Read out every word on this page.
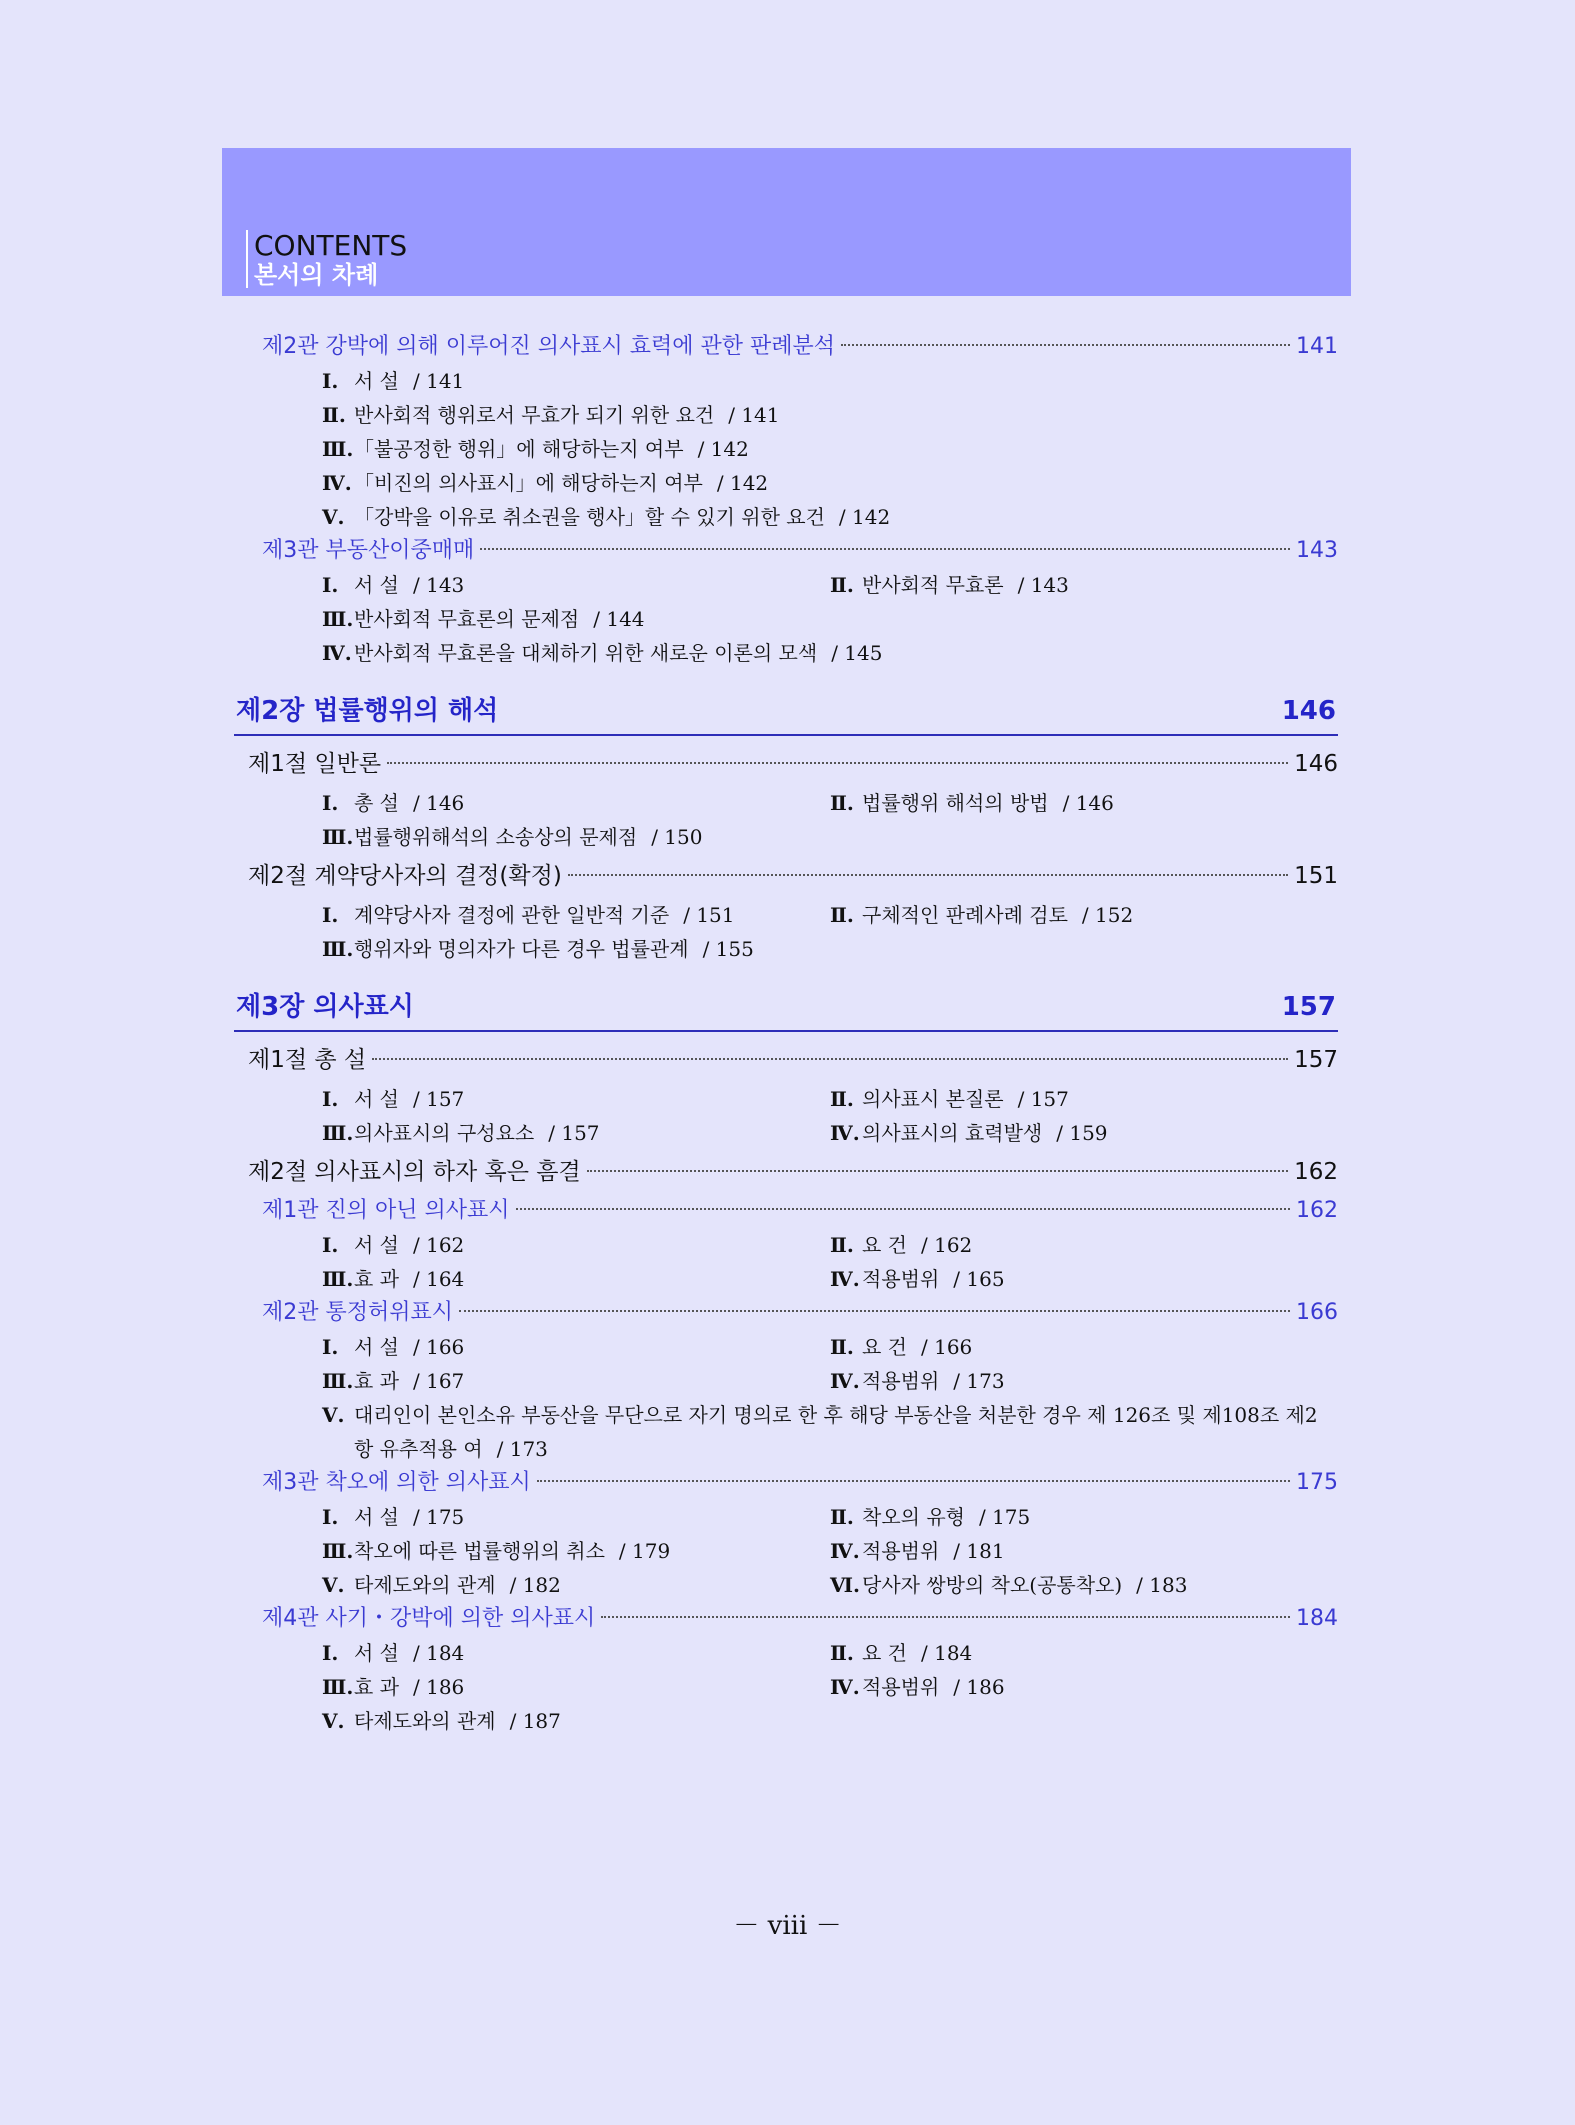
CONTENTS
본서의 차례
제2관 강박에 의해 이루어진 의사표시 효력에 관한 판례분석	141
Ⅰ. 서 설 / 141
Ⅱ. 반사회적 행위로서 무효가 되기 위한 요건 / 141
Ⅲ.「불공정한 행위」에 해당하는지 여부 / 142
Ⅳ. 「비진의 의사표시」에 해당하는지 여부 / 142
Ⅴ. 「강박을 이유로 취소권을 행사」할 수 있기 위한 요건 / 142
제3관 부동산이중매매	143
Ⅰ. 서 설 / 143	Ⅱ. 반사회적 무효론 / 143
Ⅲ.반사회적 무효론의 문제점 / 144
Ⅳ. 반사회적 무효론을 대체하기 위한 새로운 이론의 모색 / 145
제2장 법률행위의 해석	146
제1절 일반론	146
Ⅰ. 총 설 / 146	Ⅱ. 법률행위 해석의 방법 / 146
Ⅲ.법률행위해석의 소송상의 문제점 / 150
제2절 계약당사자의 결정(확정)	151
Ⅰ. 계약당사자 결정에 관한 일반적 기준 / 151	Ⅱ. 구체적인 판례사례 검토 / 152
Ⅲ.행위자와 명의자가 다른 경우 법률관계 / 155
제3장 의사표시	157
제1절 총 설	157
Ⅰ. 서 설 / 157	Ⅱ. 의사표시 본질론 / 157
Ⅲ.의사표시의 구성요소 / 157	Ⅳ. 의사표시의 효력발생 / 159
제2절 의사표시의 하자 혹은 흠결	162
제1관 진의 아닌 의사표시	162
Ⅰ. 서 설 / 162	Ⅱ. 요 건 / 162
Ⅲ.효 과 / 164	Ⅳ. 적용범위 / 165
제2관 통정허위표시	166
Ⅰ. 서 설 / 166	Ⅱ. 요 건 / 166
Ⅲ.효 과 / 167	Ⅳ. 적용범위 / 173
Ⅴ. 대리인이 본인소유 부동산을 무단으로 자기 명의로 한 후 해당 부동산을 처분한 경우 제 126조 및 제108조 제2항 유추적용 여 / 173
제3관 착오에 의한 의사표시	175
Ⅰ. 서 설 / 175	Ⅱ. 착오의 유형 / 175
Ⅲ.착오에 따른 법률행위의 취소 / 179	Ⅳ. 적용범위 / 181
Ⅴ. 타제도와의 관계 / 182	Ⅵ. 당사자 쌍방의 착오(공통착오) / 183
제4관 사기・강박에 의한 의사표시	184
Ⅰ. 서 설 / 184	Ⅱ. 요 건 / 184
Ⅲ.효 과 / 186	Ⅳ. 적용범위 / 186
Ⅴ. 타제도와의 관계 / 187
－ viii －
